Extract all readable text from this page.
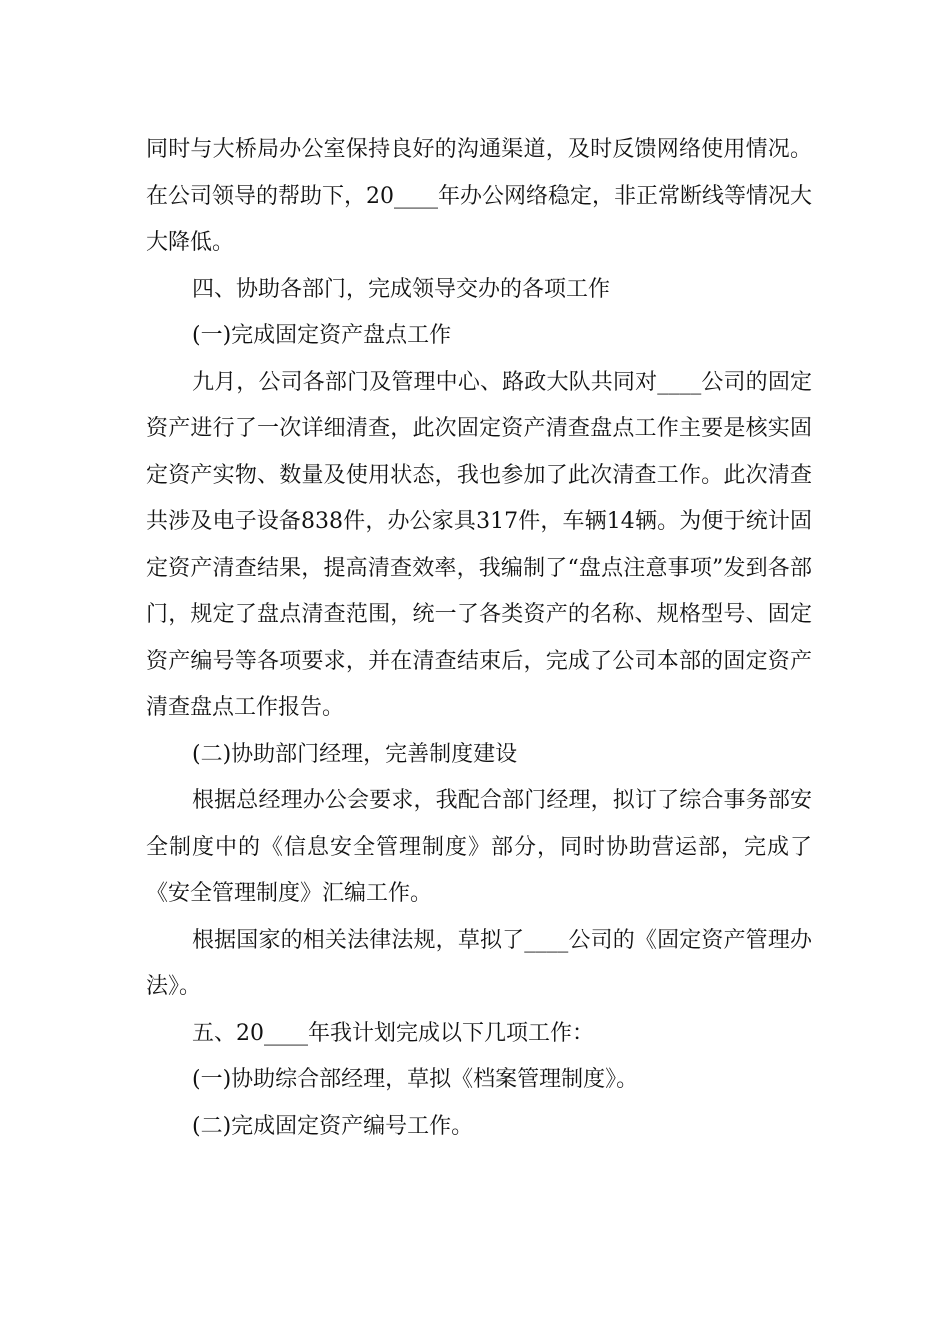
同时与大桥局办公室保持良好的沟通渠道，及时反馈网络使用情况。在公司领导的帮助下，20____年办公网络稳定，非正常断线等情况大大降低。

四、协助各部门，完成领导交办的各项工作

(一)完成固定资产盘点工作

九月，公司各部门及管理中心、路政大队共同对____公司的固定资产进行了一次详细清查，此次固定资产清查盘点工作主要是核实固定资产实物、数量及使用状态，我也参加了此次清查工作。此次清查共涉及电子设备838件，办公家具317件，车辆14辆。为便于统计固定资产清查结果，提高清查效率，我编制了“盘点注意事项”发到各部门，规定了盘点清查范围，统一了各类资产的名称、规格型号、固定资产编号等各项要求，并在清查结束后，完成了公司本部的固定资产清查盘点工作报告。

(二)协助部门经理，完善制度建设

根据总经理办公会要求，我配合部门经理，拟订了综合事务部安全制度中的《信息安全管理制度》部分，同时协助营运部，完成了《安全管理制度》汇编工作。

根据国家的相关法律法规，草拟了____公司的《固定资产管理办法》。

五、20____年我计划完成以下几项工作：

(一)协助综合部经理，草拟《档案管理制度》。

(二)完成固定资产编号工作。
